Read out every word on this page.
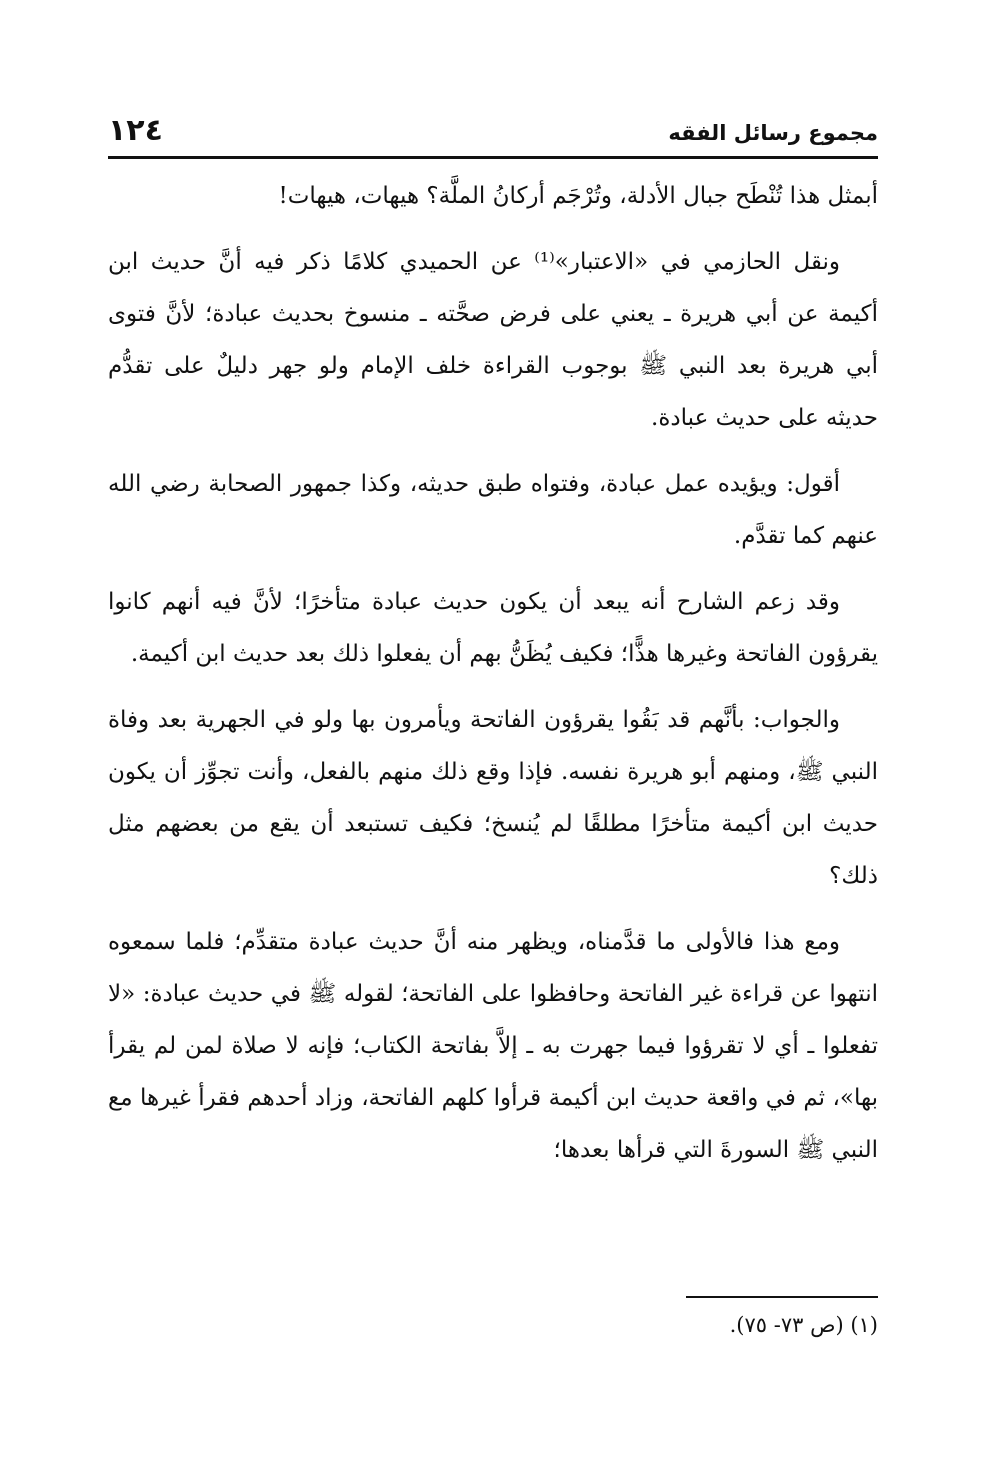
مجموع رسائل الفقه
١٢٤

أبمثل هذا تُنْطَح جبال الأدلة، وتُرْجَم أركانُ الملَّة؟ هيهات، هيهات!

ونقل الحازمي في «الاعتبار»⁽¹⁾ عن الحميدي كلامًا ذكر فيه أنَّ حديث ابن أكيمة عن أبي هريرة ـ يعني على فرض صحَّته ـ منسوخ بحديث عبادة؛ لأنَّ فتوى أبي هريرة بعد النبي ﷺ بوجوب القراءة خلف الإمام ولو جهر دليلٌ على تقدُّم حديثه على حديث عبادة.

أقول: ويؤيده عمل عبادة، وفتواه طبق حديثه، وكذا جمهور الصحابة رضي الله عنهم كما تقدَّم.

وقد زعم الشارح أنه يبعد أن يكون حديث عبادة متأخرًا؛ لأنَّ فيه أنهم كانوا يقرؤون الفاتحة وغيرها هذًّا؛ فكيف يُظَنُّ بهم أن يفعلوا ذلك بعد حديث ابن أكيمة.

والجواب: بأنَّهم قد بَقُوا يقرؤون الفاتحة ويأمرون بها ولو في الجهرية بعد وفاة النبي ﷺ، ومنهم أبو هريرة نفسه. فإذا وقع ذلك منهم بالفعل، وأنت تجوِّز أن يكون حديث ابن أكيمة متأخرًا مطلقًا لم يُنسخ؛ فكيف تستبعد أن يقع من بعضهم مثل ذلك؟

ومع هذا فالأولى ما قدَّمناه، ويظهر منه أنَّ حديث عبادة متقدِّم؛ فلما سمعوه انتهوا عن قراءة غير الفاتحة وحافظوا على الفاتحة؛ لقوله ﷺ في حديث عبادة: «لا تفعلوا ـ أي لا تقرؤوا فيما جهرت به ـ إلاَّ بفاتحة الكتاب؛ فإنه لا صلاة لمن لم يقرأ بها»، ثم في واقعة حديث ابن أكيمة قرأوا كلهم الفاتحة، وزاد أحدهم فقرأ غيرها مع النبي ﷺ السورةَ التي قرأها بعدها؛

(١) (ص ٧٣- ٧٥).
